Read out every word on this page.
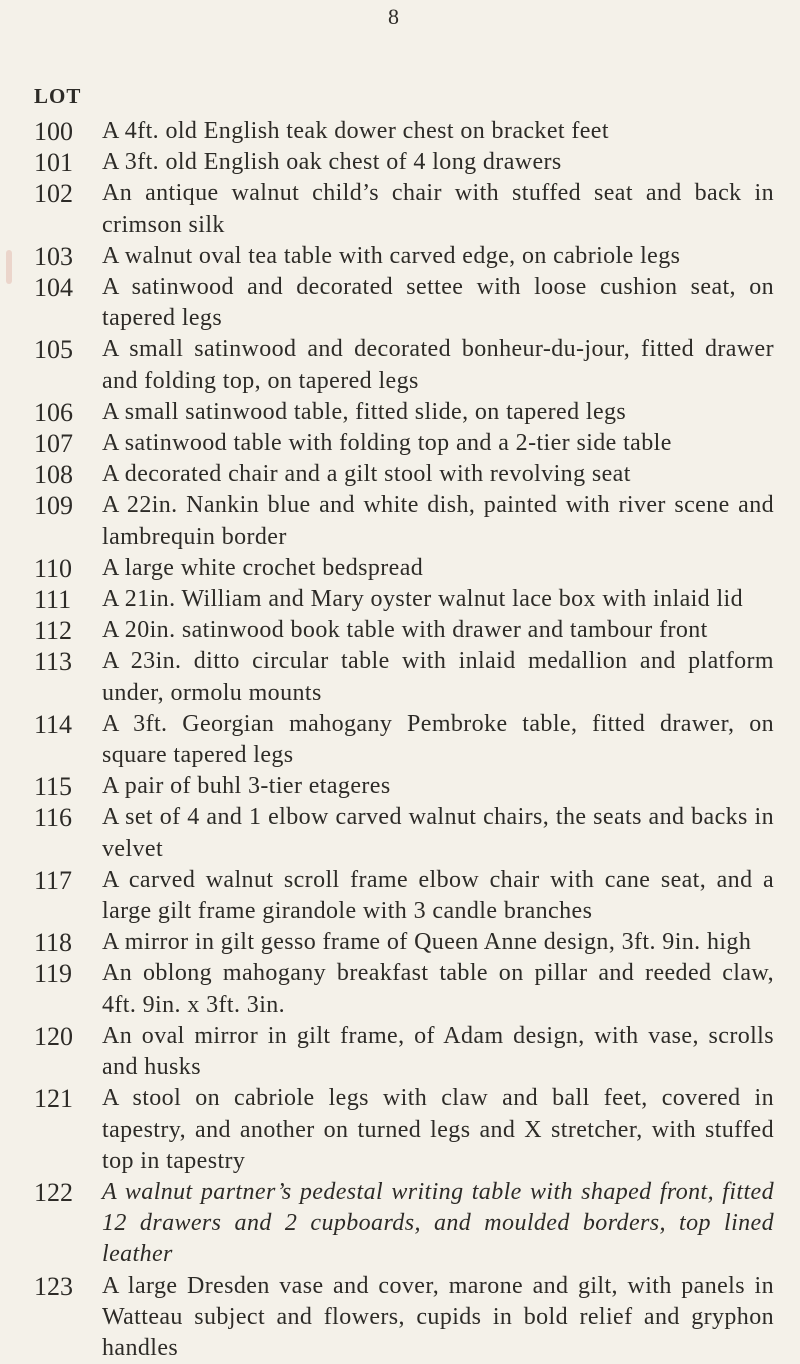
8
LOT
100	A 4ft. old English teak dower chest on bracket feet
101	A 3ft. old English oak chest of 4 long drawers
102	An antique walnut child’s chair with stuffed seat and back in crimson silk
103	A walnut oval tea table with carved edge, on cabriole legs
104	A satinwood and decorated settee with loose cushion seat, on tapered legs
105	A small satinwood and decorated bonheur-du-jour, fitted drawer and folding top, on tapered legs
106	A small satinwood table, fitted slide, on tapered legs
107	A satinwood table with folding top and a 2-tier side table
108	A decorated chair and a gilt stool with revolving seat
109	A 22in. Nankin blue and white dish, painted with river scene and lambrequin border
110	A large white crochet bedspread
111	A 21in. William and Mary oyster walnut lace box with inlaid lid
112	A 20in. satinwood book table with drawer and tambour front
113	A 23in. ditto circular table with inlaid medallion and platform under, ormolu mounts
114	A 3ft. Georgian mahogany Pembroke table, fitted drawer, on square tapered legs
115	A pair of buhl 3-tier etageres
116	A set of 4 and 1 elbow carved walnut chairs, the seats and backs in velvet
117	A carved walnut scroll frame elbow chair with cane seat, and a large gilt frame girandole with 3 candle branches
118	A mirror in gilt gesso frame of Queen Anne design, 3ft. 9in. high
119	An oblong mahogany breakfast table on pillar and reeded claw, 4ft. 9in. x 3ft. 3in.
120	An oval mirror in gilt frame, of Adam design, with vase, scrolls and husks
121	A stool on cabriole legs with claw and ball feet, covered in tapestry, and another on turned legs and X stretcher, with stuffed top in tapestry
122	A walnut partner’s pedestal writing table with shaped front, fitted 12 drawers and 2 cupboards, and moulded borders, top lined leather
123	A large Dresden vase and cover, marone and gilt, with panels in Watteau subject and flowers, cupids in bold relief and gryphon handles
